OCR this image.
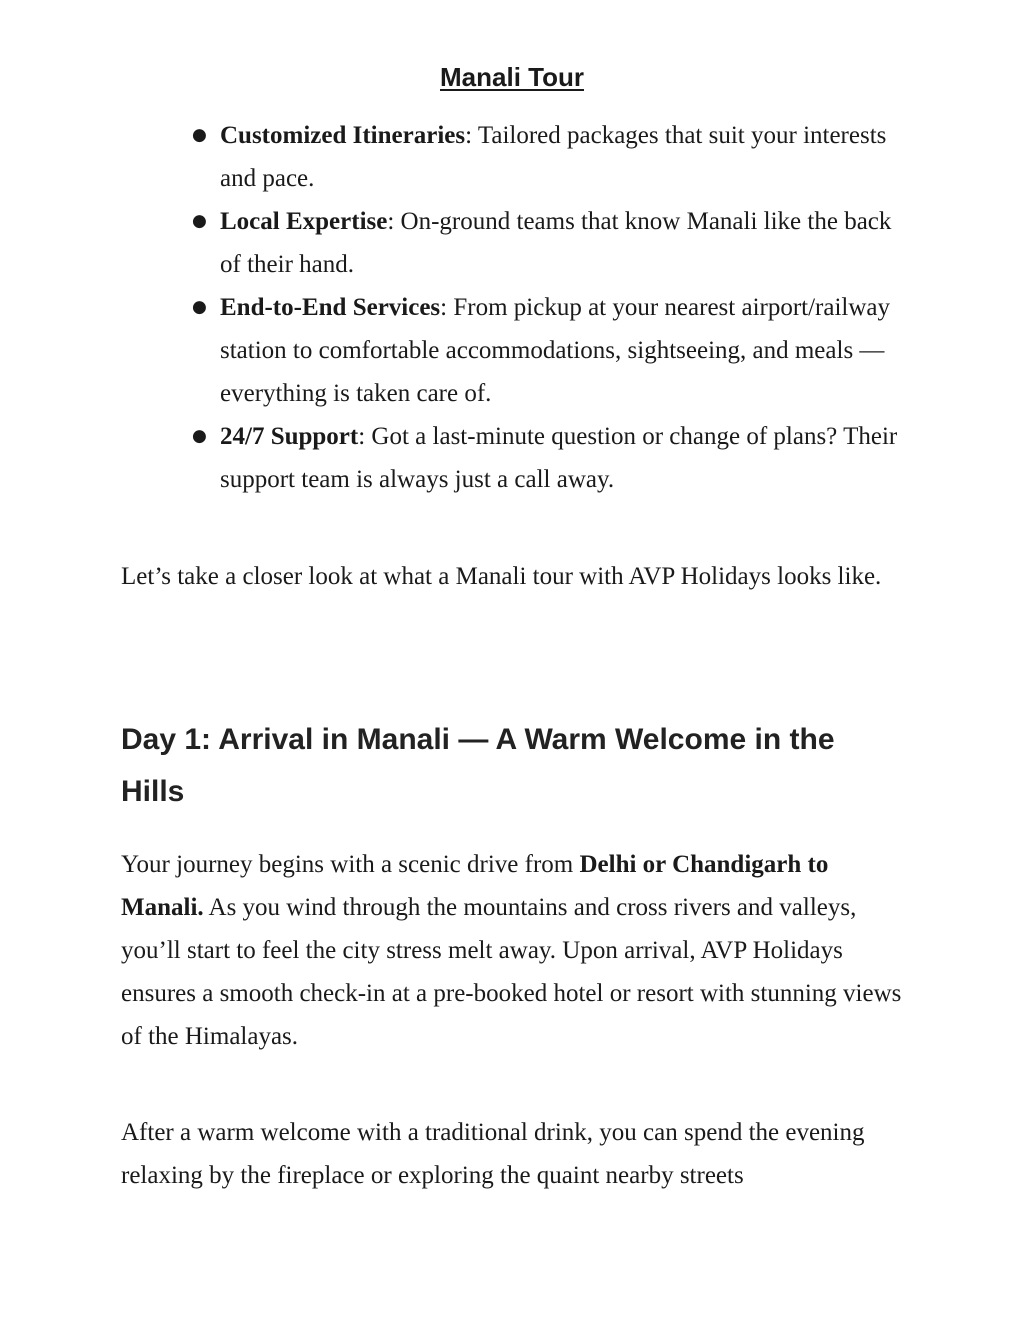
Manali Tour
● Customized Itineraries: Tailored packages that suit your interests and pace.
● Local Expertise: On-ground teams that know Manali like the back of their hand.
● End-to-End Services: From pickup at your nearest airport/railway station to comfortable accommodations, sightseeing, and meals — everything is taken care of.
● 24/7 Support: Got a last-minute question or change of plans? Their support team is always just a call away.

Let’s take a closer look at what a Manali tour with AVP Holidays looks like.

Day 1: Arrival in Manali — A Warm Welcome in the Hills

Your journey begins with a scenic drive from Delhi or Chandigarh to Manali. As you wind through the mountains and cross rivers and valleys, you’ll start to feel the city stress melt away. Upon arrival, AVP Holidays ensures a smooth check-in at a pre-booked hotel or resort with stunning views of the Himalayas.

After a warm welcome with a traditional drink, you can spend the evening relaxing by the fireplace or exploring the quaint nearby streets
